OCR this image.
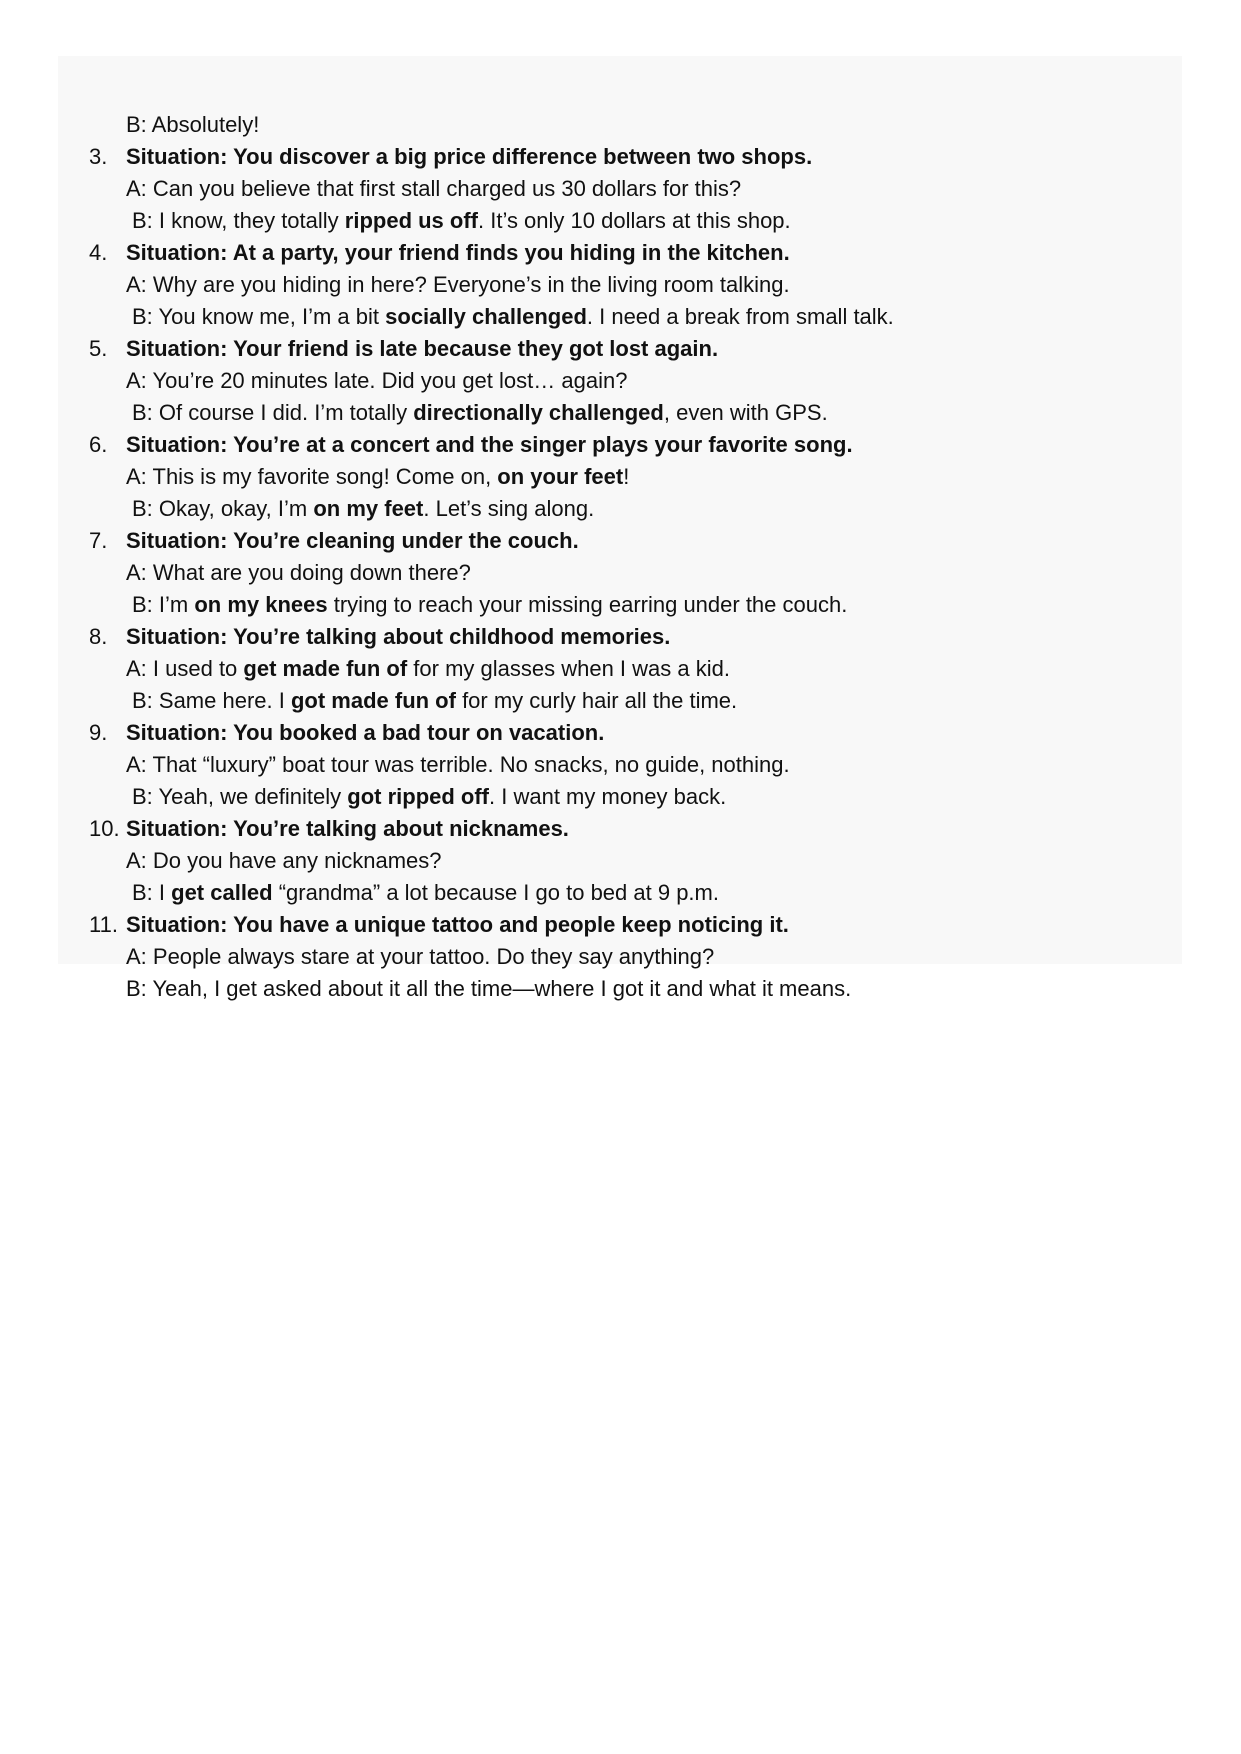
B: Absolutely!
3. Situation: You discover a big price difference between two shops.
A: Can you believe that first stall charged us 30 dollars for this?
B: I know, they totally ripped us off. It’s only 10 dollars at this shop.
4. Situation: At a party, your friend finds you hiding in the kitchen.
A: Why are you hiding in here? Everyone’s in the living room talking.
B: You know me, I’m a bit socially challenged. I need a break from small talk.
5. Situation: Your friend is late because they got lost again.
A: You’re 20 minutes late. Did you get lost… again?
B: Of course I did. I’m totally directionally challenged, even with GPS.
6. Situation: You’re at a concert and the singer plays your favorite song.
A: This is my favorite song! Come on, on your feet!
B: Okay, okay, I’m on my feet. Let’s sing along.
7. Situation: You’re cleaning under the couch.
A: What are you doing down there?
B: I’m on my knees trying to reach your missing earring under the couch.
8. Situation: You’re talking about childhood memories.
A: I used to get made fun of for my glasses when I was a kid.
B: Same here. I got made fun of for my curly hair all the time.
9. Situation: You booked a bad tour on vacation.
A: That “luxury” boat tour was terrible. No snacks, no guide, nothing.
B: Yeah, we definitely got ripped off. I want my money back.
10. Situation: You’re talking about nicknames.
A: Do you have any nicknames?
B: I get called “grandma” a lot because I go to bed at 9 p.m.
11. Situation: You have a unique tattoo and people keep noticing it.
A: People always stare at your tattoo. Do they say anything?
B: Yeah, I get asked about it all the time—where I got it and what it means.
